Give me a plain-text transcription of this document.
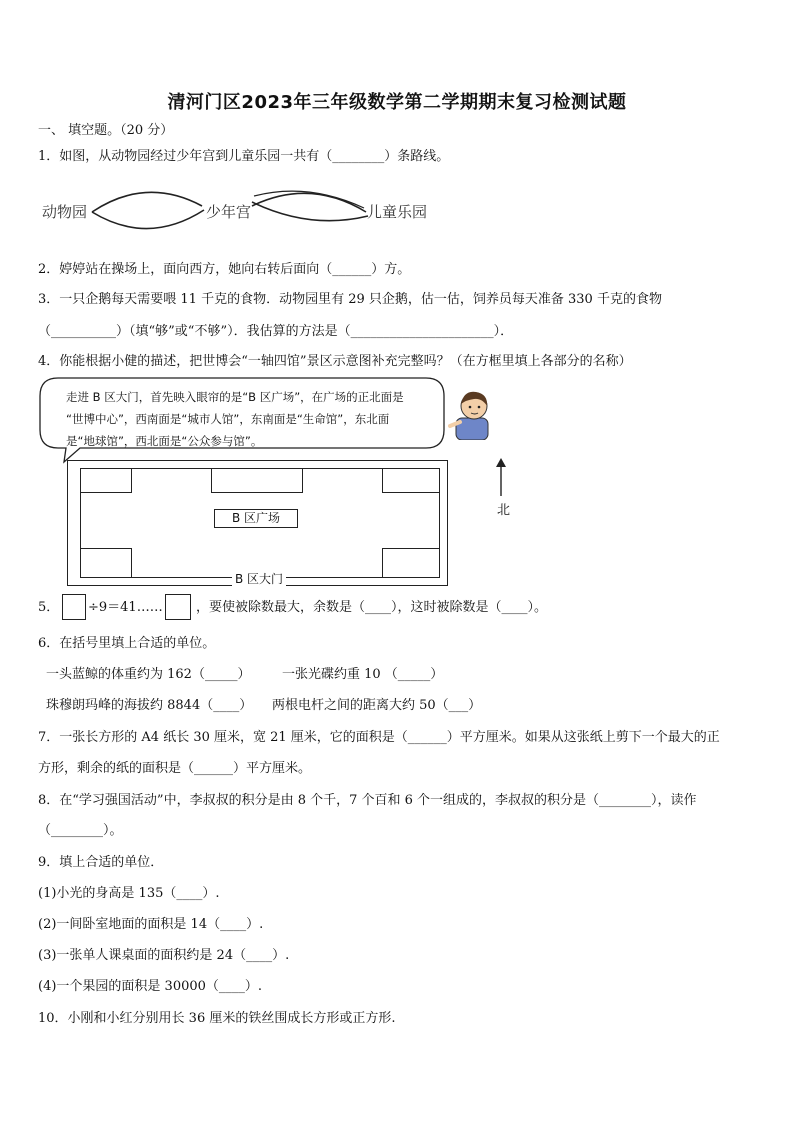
清河门区2023年三年级数学第二学期期末复习检测试题
一、 填空题。（20 分）
1．如图，从动物园经过少年宫到儿童乐园一共有（________）条路线。
动物园	少年宫	儿童乐园
2．婷婷站在操场上，面向西方，她向右转后面向（______）方。
3．一只企鹅每天需要喂 11 千克的食物．动物园里有 29 只企鹅，估一估，饲养员每天准备 330 千克的食物
（__________）（填“够”或“不够”）．我估算的方法是（______________________）．
4．你能根据小健的描述，把世博会“一轴四馆”景区示意图补充完整吗？（在方框里填上各部分的名称）
走进 B 区大门，首先映入眼帘的是“B 区广场”，在广场的正北面是
“世博中心”，西南面是“城市人馆”，东南面是“生命馆”，东北面
是“地球馆”，西北面是“公众参与馆”。
北
B 区广场
B 区大门
5． ÷9＝41……	，要使被除数最大，余数是（____），这时被除数是（____）。
6．在括号里填上合适的单位。
一头蓝鲸的体重约为 162（_____） 一张光碟约重 10 （_____）
珠穆朗玛峰的海拔约 8844（____） 两根电杆之间的距离大约 50（___）
7．一张长方形的 A4 纸长 30 厘米，宽 21 厘米，它的面积是（______）平方厘米。如果从这张纸上剪下一个最大的正
方形，剩余的纸的面积是（______）平方厘米。
8．在“学习强国活动”中，李叔叔的积分是由 8 个千，7 个百和 6 个一组成的，李叔叔的积分是（________），读作
（________）。
9．填上合适的单位．
(1)小光的身高是 135（____）.
(2)一间卧室地面的面积是 14（____）.
(3)一张单人课桌面的面积约是 24（____）.
(4)一个果园的面积是 30000（____）.
10．小刚和小红分别用长 36 厘米的铁丝围成长方形或正方形.
